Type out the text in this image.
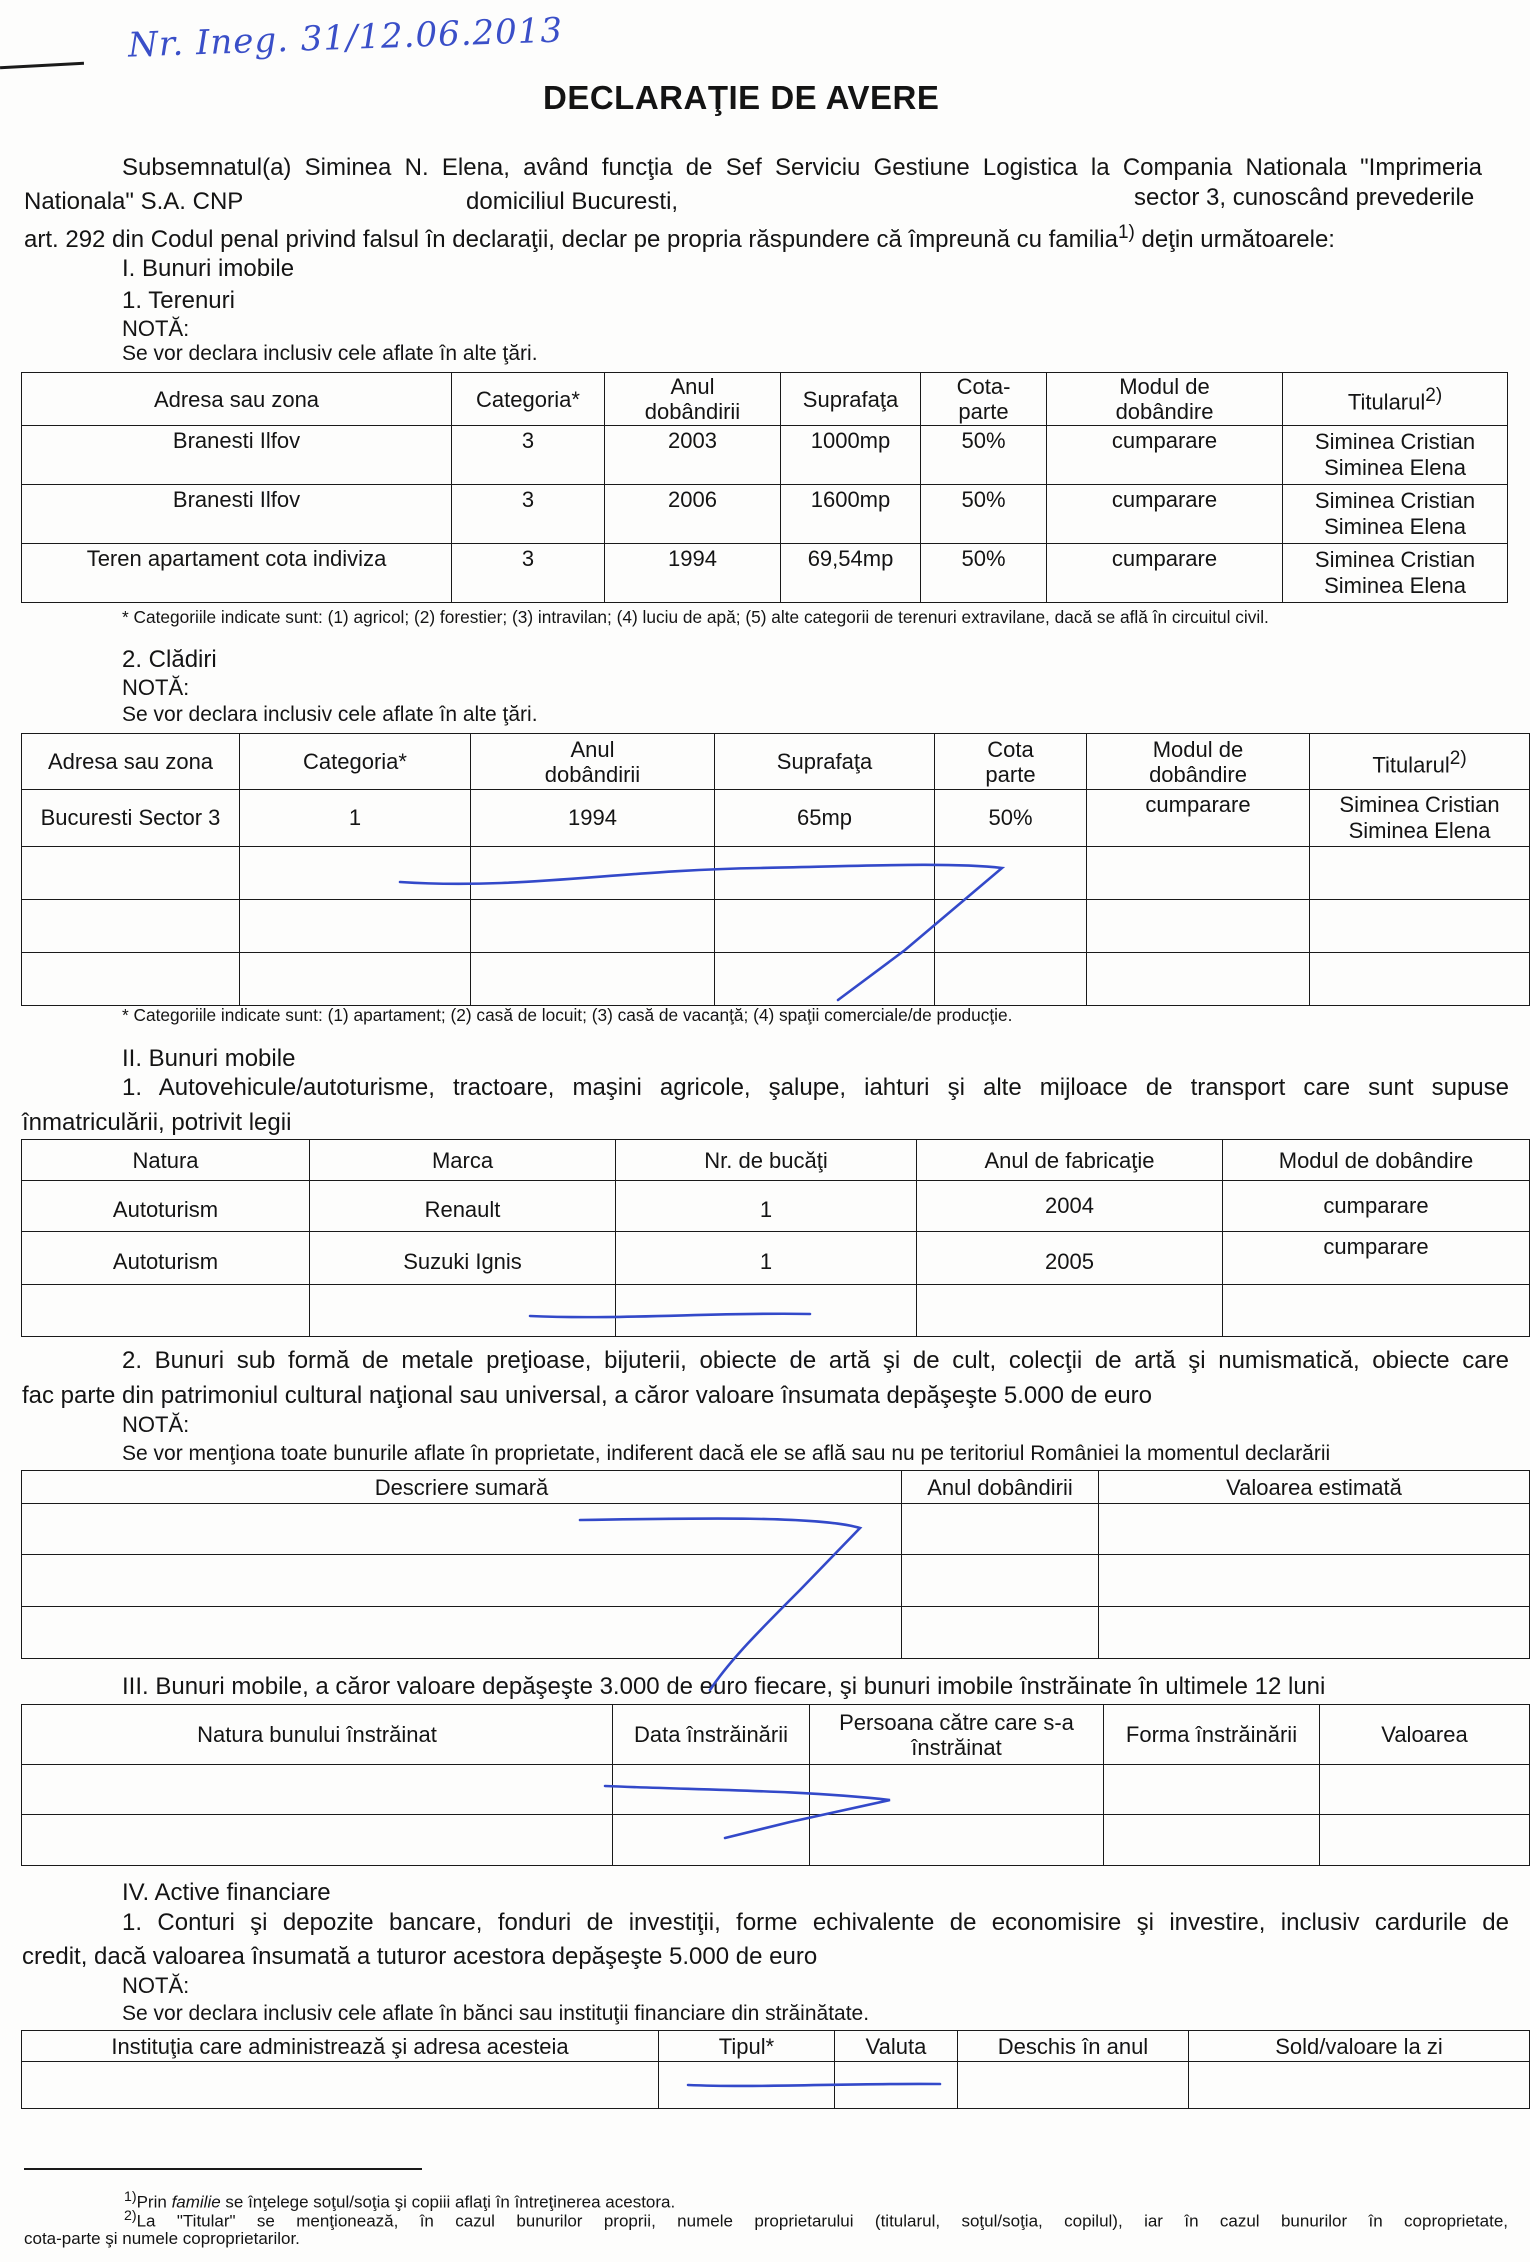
Nr. Ineg. 31/12.06.2013
DECLARAŢIE DE AVERE
Subsemnatul(a) Siminea N. Elena, având funcţia de Sef Serviciu Gestiune Logistica la Compania Nationala "Imprimeria
Nationala" S.A. CNP	domiciliul Bucuresti,	sector 3, cunoscând prevederile
art. 292 din Codul penal privind falsul în declaraţii, declar pe propria răspundere că împreună cu familia$^{1)}$ deţin următoarele:
I. Bunuri imobile
1. Terenuri
NOTĂ:
Se vor declara inclusiv cele aflate în alte ţări.
Adresa sau zona	Categoria*	Anul dobândirii	Suprafaţa	Cota-parte	Modul de dobândire	Titularul$^{2)}$
Branesti Ilfov	3	2003	1000mp	50%	cumparare	Siminea Cristian
Siminea Elena

Branesti Ilfov	3	2006	1600mp	50%	cumparare	Siminea Cristian
Siminea Elena

Teren apartament cota indiviza	3	1994	69,54mp	50%	cumparare	Siminea Cristian
Siminea Elena
* Categoriile indicate sunt: (1) agricol; (2) forestier; (3) intravilan; (4) luciu de apă; (5) alte categorii de terenuri extravilane, dacă se află în circuitul civil.
2. Clădiri
NOTĂ:
Se vor declara inclusiv cele aflate în alte ţări.
Adresa sau zona	Categoria*	Anul dobândirii	Suprafaţa	Cota parte	Modul de dobândire	Titularul$^{2)}$
Bucuresti Sector 3	1	1994	65mp	50%	cumparare	Siminea Cristian
Siminea Elena

* Categoriile indicate sunt: (1) apartament; (2) casă de locuit; (3) casă de vacanţă; (4) spaţii comerciale/de producţie.
II. Bunuri mobile
1. Autovehicule/autoturisme, tractoare, maşini agricole, şalupe, iahturi şi alte mijloace de transport care sunt supuse
înmatriculării, potrivit legii
Natura	Marca	Nr. de bucăţi	Anul de fabricaţie	Modul de dobândire
Autoturism	Renault	1	2004	cumparare
Autoturism	Suzuki Ignis	1	2005	cumparare

2. Bunuri sub formă de metale preţioase, bijuterii, obiecte de artă şi de cult, colecţii de artă şi numismatică, obiecte care
fac parte din patrimoniul cultural naţional sau universal, a căror valoare însumata depăşeşte 5.000 de euro
NOTĂ:
Se vor menţiona toate bunurile aflate în proprietate, indiferent dacă ele se află sau nu pe teritoriul României la momentul declarării
Descriere sumară	Anul dobândirii	Valoarea estimată

III. Bunuri mobile, a căror valoare depăşeşte 3.000 de euro fiecare, şi bunuri imobile înstrăinate în ultimele 12 luni
Natura bunului înstrăinat	Data înstrăinării	Persoana către care s-a înstrăinat	Forma înstrăinării	Valoarea

IV. Active financiare
1. Conturi şi depozite bancare, fonduri de investiţii, forme echivalente de economisire şi investire, inclusiv cardurile de
credit, dacă valoarea însumată a tuturor acestora depăşeşte 5.000 de euro
NOTĂ:
Se vor declara inclusiv cele aflate în bănci sau instituţii financiare din străinătate.
Instituţia care administrează şi adresa acesteia	Tipul*	Valuta	Deschis în anul	Sold/valoare la zi

$^{1)}$Prin familie se înţelege soţul/soţia şi copiii aflaţi în întreţinerea acestora.
$^{2)}$La "Titular" se menţionează, în cazul bunurilor proprii, numele proprietarului (titularul, soţul/soţia, copilul), iar în cazul bunurilor în coproprietate,
cota-parte şi numele coproprietarilor.
